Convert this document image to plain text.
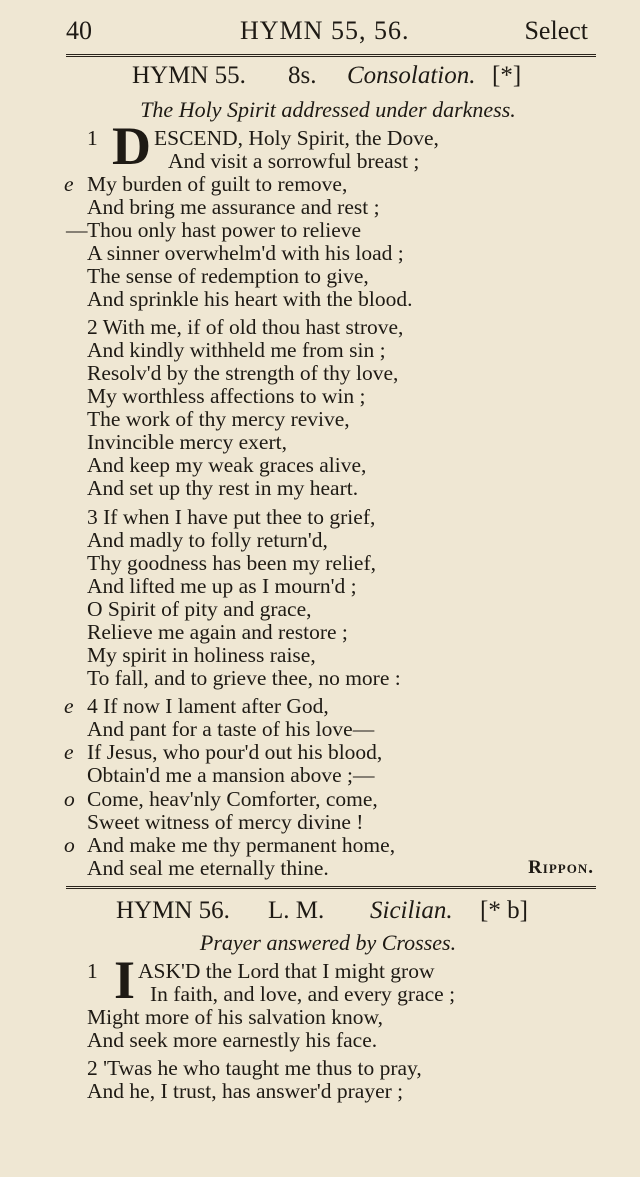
40	HYMN 55, 56.	Select
HYMN 55. 8s. Consolation. [*]
The Holy Spirit addressed under darkness.
1 D ESCEND, Holy Spirit, the Dove,
And visit a sorrowful breast ;
e My burden of guilt to remove,
And bring me assurance and rest ;
— Thou only hast power to relieve
A sinner overwhelm'd with his load ;
The sense of redemption to give,
And sprinkle his heart with the blood.
2 With me, if of old thou hast strove,
And kindly withheld me from sin ;
Resolv'd by the strength of thy love,
My worthless affections to win ;
The work of thy mercy revive,
Invincible mercy exert,
And keep my weak graces alive,
And set up thy rest in my heart.
3 If when I have put thee to grief,
And madly to folly return'd,
Thy goodness has been my relief,
And lifted me up as I mourn'd ;
O Spirit of pity and grace,
Relieve me again and restore ;
My spirit in holiness raise,
To fall, and to grieve thee, no more :
e 4 If now I lament after God,
And pant for a taste of his love—
e If Jesus, who pour'd out his blood,
Obtain'd me a mansion above ;—
o Come, heav'nly Comforter, come,
Sweet witness of mercy divine !
o And make me thy permanent home,
And seal me eternally thine.	Rippon.
HYMN 56. L. M. Sicilian. [* b]
Prayer answered by Crosses.
1 I ASK'D the Lord that I might grow
In faith, and love, and every grace ;
Might more of his salvation know,
And seek more earnestly his face.
2 'Twas he who taught me thus to pray,
And he, I trust, has answer'd prayer ;
